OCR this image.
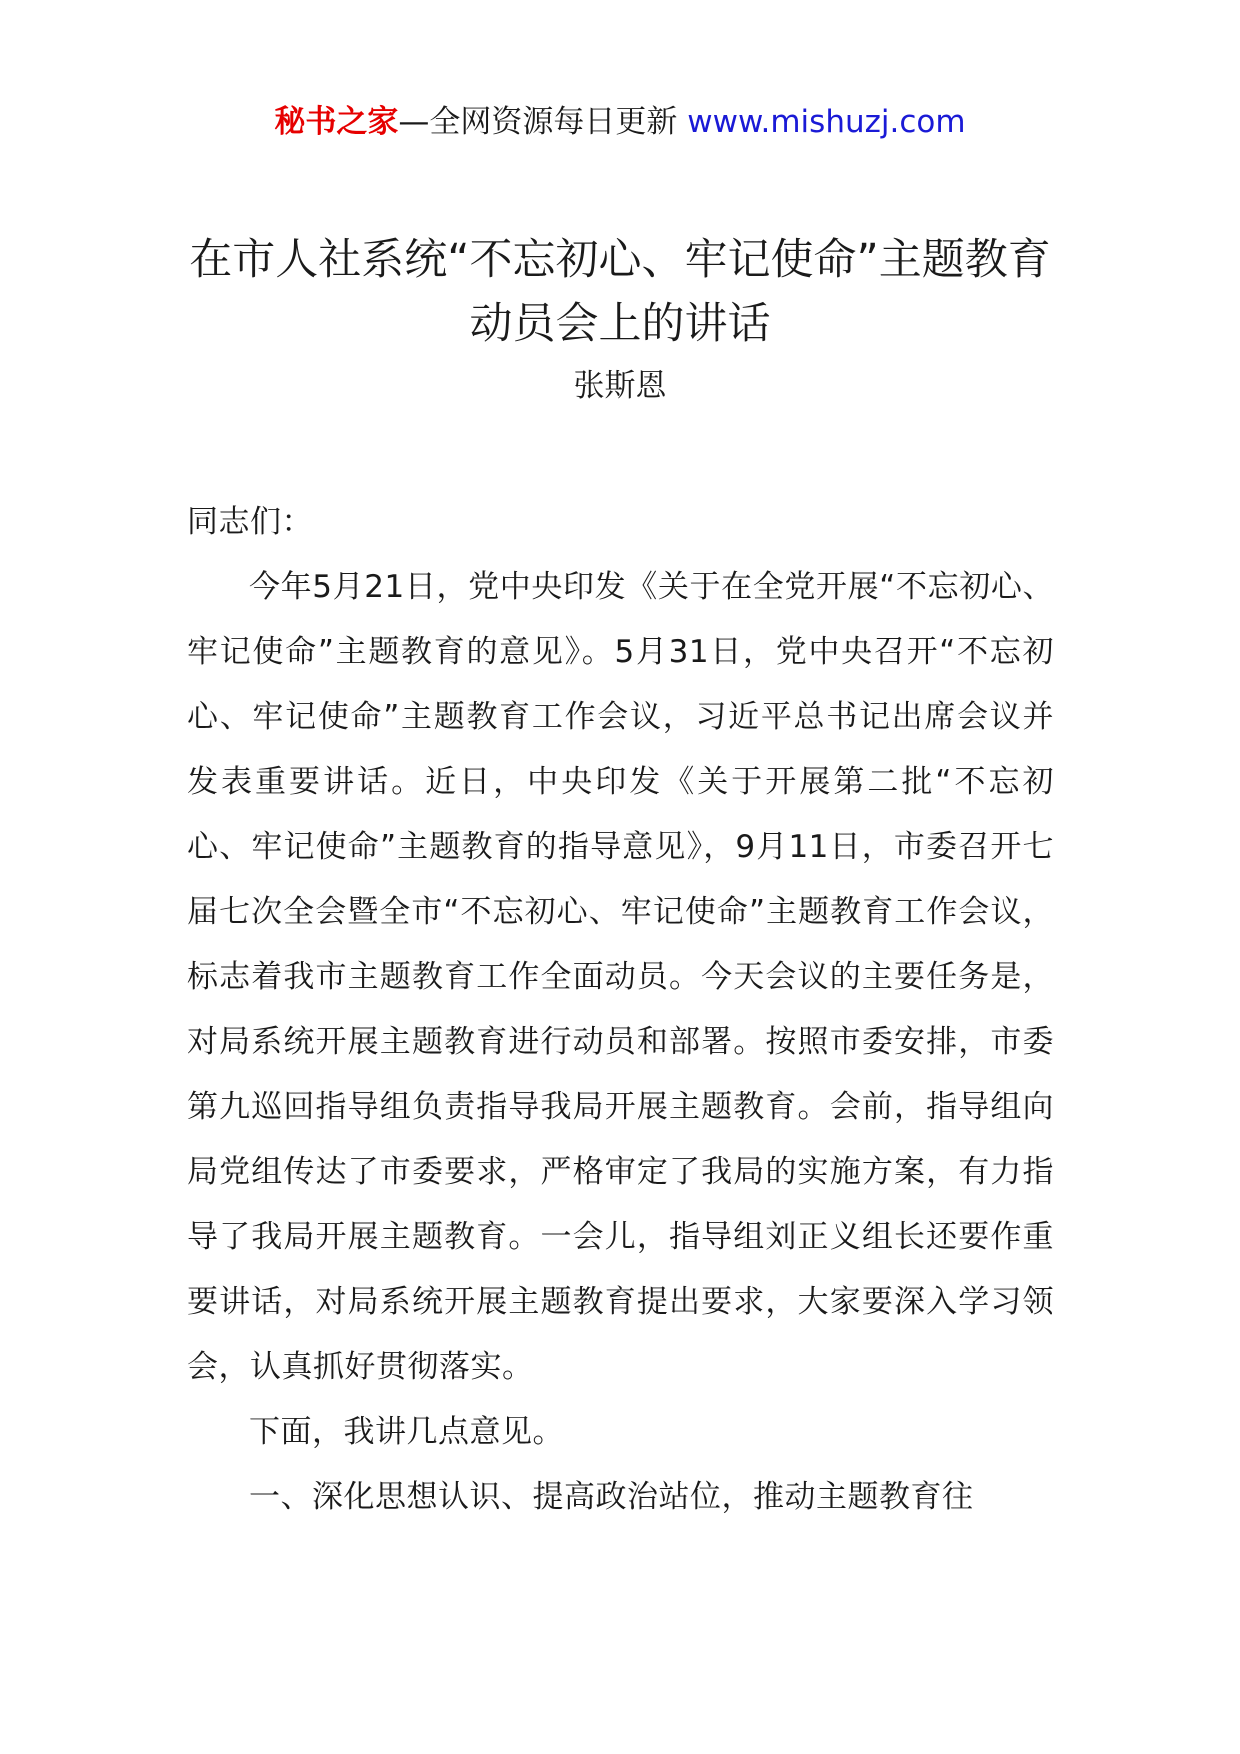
秘书之家—全网资源每日更新 www.mishuzj.com
在市人社系统“不忘初心、牢记使命”主题教育动员会上的讲话
张斯恩

同志们：

今年5月21日，党中央印发《关于在全党开展“不忘初心、牢记使命”主题教育的意见》。5月31日，党中央召开“不忘初心、牢记使命”主题教育工作会议，习近平总书记出席会议并发表重要讲话。近日，中央印发《关于开展第二批“不忘初心、牢记使命”主题教育的指导意见》，9月11日，市委召开七届七次全会暨全市“不忘初心、牢记使命”主题教育工作会议，标志着我市主题教育工作全面动员。今天会议的主要任务是，对局系统开展主题教育进行动员和部署。按照市委安排，市委第九巡回指导组负责指导我局开展主题教育。会前，指导组向局党组传达了市委要求，严格审定了我局的实施方案，有力指导了我局开展主题教育。一会儿，指导组刘正义组长还要作重要讲话，对局系统开展主题教育提出要求，大家要深入学习领会，认真抓好贯彻落实。

下面，我讲几点意见。

一、深化思想认识、提高政治站位，推动主题教育往
